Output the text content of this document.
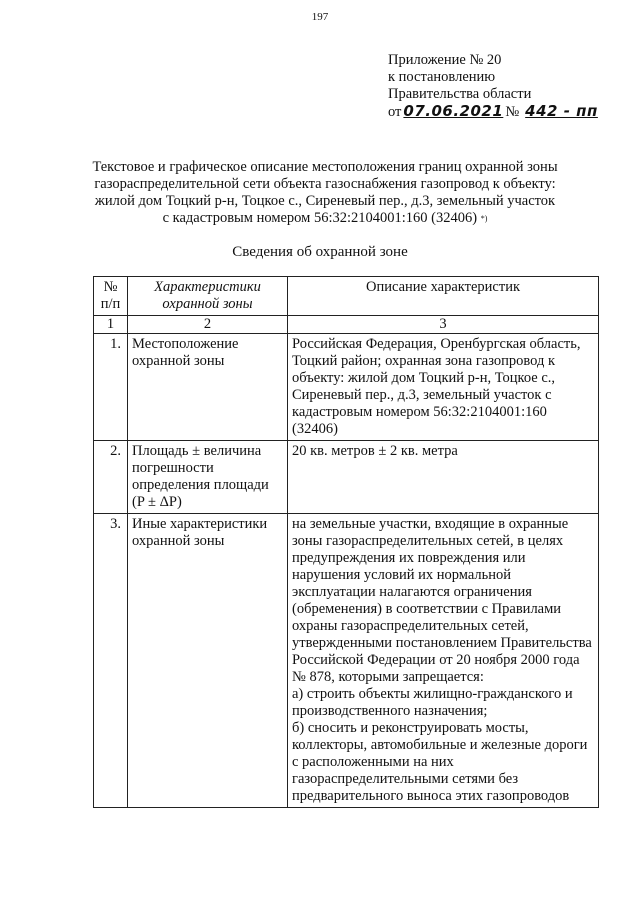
197
Приложение № 20
к постановлению
Правительства области
от 07.06.2021 № 442 - пп
Текстовое и графическое описание местоположения границ охранной зоны газораспределительной сети объекта газоснабжения газопровод к объекту: жилой дом Тоцкий р-н, Тоцкое с., Сиреневый пер., д.3, земельный участок с кадастровым номером 56:32:2104001:160 (32406) *)
Сведения об охранной зоне
№ п/п	Характеристики охранной зоны	Описание характеристик
1	2	3
1.	Местоположение охранной зоны	Российская Федерация, Оренбургская область, Тоцкий район; охранная зона газопровод к объекту: жилой дом Тоцкий р-н, Тоцкое с., Сиреневый пер., д.3, земельный участок с кадастровым номером 56:32:2104001:160 (32406)
2.	Площадь ± величина погрешности определения площади (P ± ΔP)	20 кв. метров ± 2 кв. метра
3.	Иные характеристики охранной зоны	на земельные участки, входящие в охранные зоны газораспределительных сетей, в целях предупреждения их повреждения или нарушения условий их нормальной эксплуатации налагаются ограничения (обременения) в соответствии с Правилами охраны газораспределительных сетей, утвержденными постановлением Правительства Российской Федерации от 20 ноября 2000 года № 878, которыми запрещается:
а) строить объекты жилищно-гражданского и производственного назначения;
б) сносить и реконструировать мосты, коллекторы, автомобильные и железные дороги с расположенными на них газораспределительными сетями без предварительного выноса этих газопроводов
